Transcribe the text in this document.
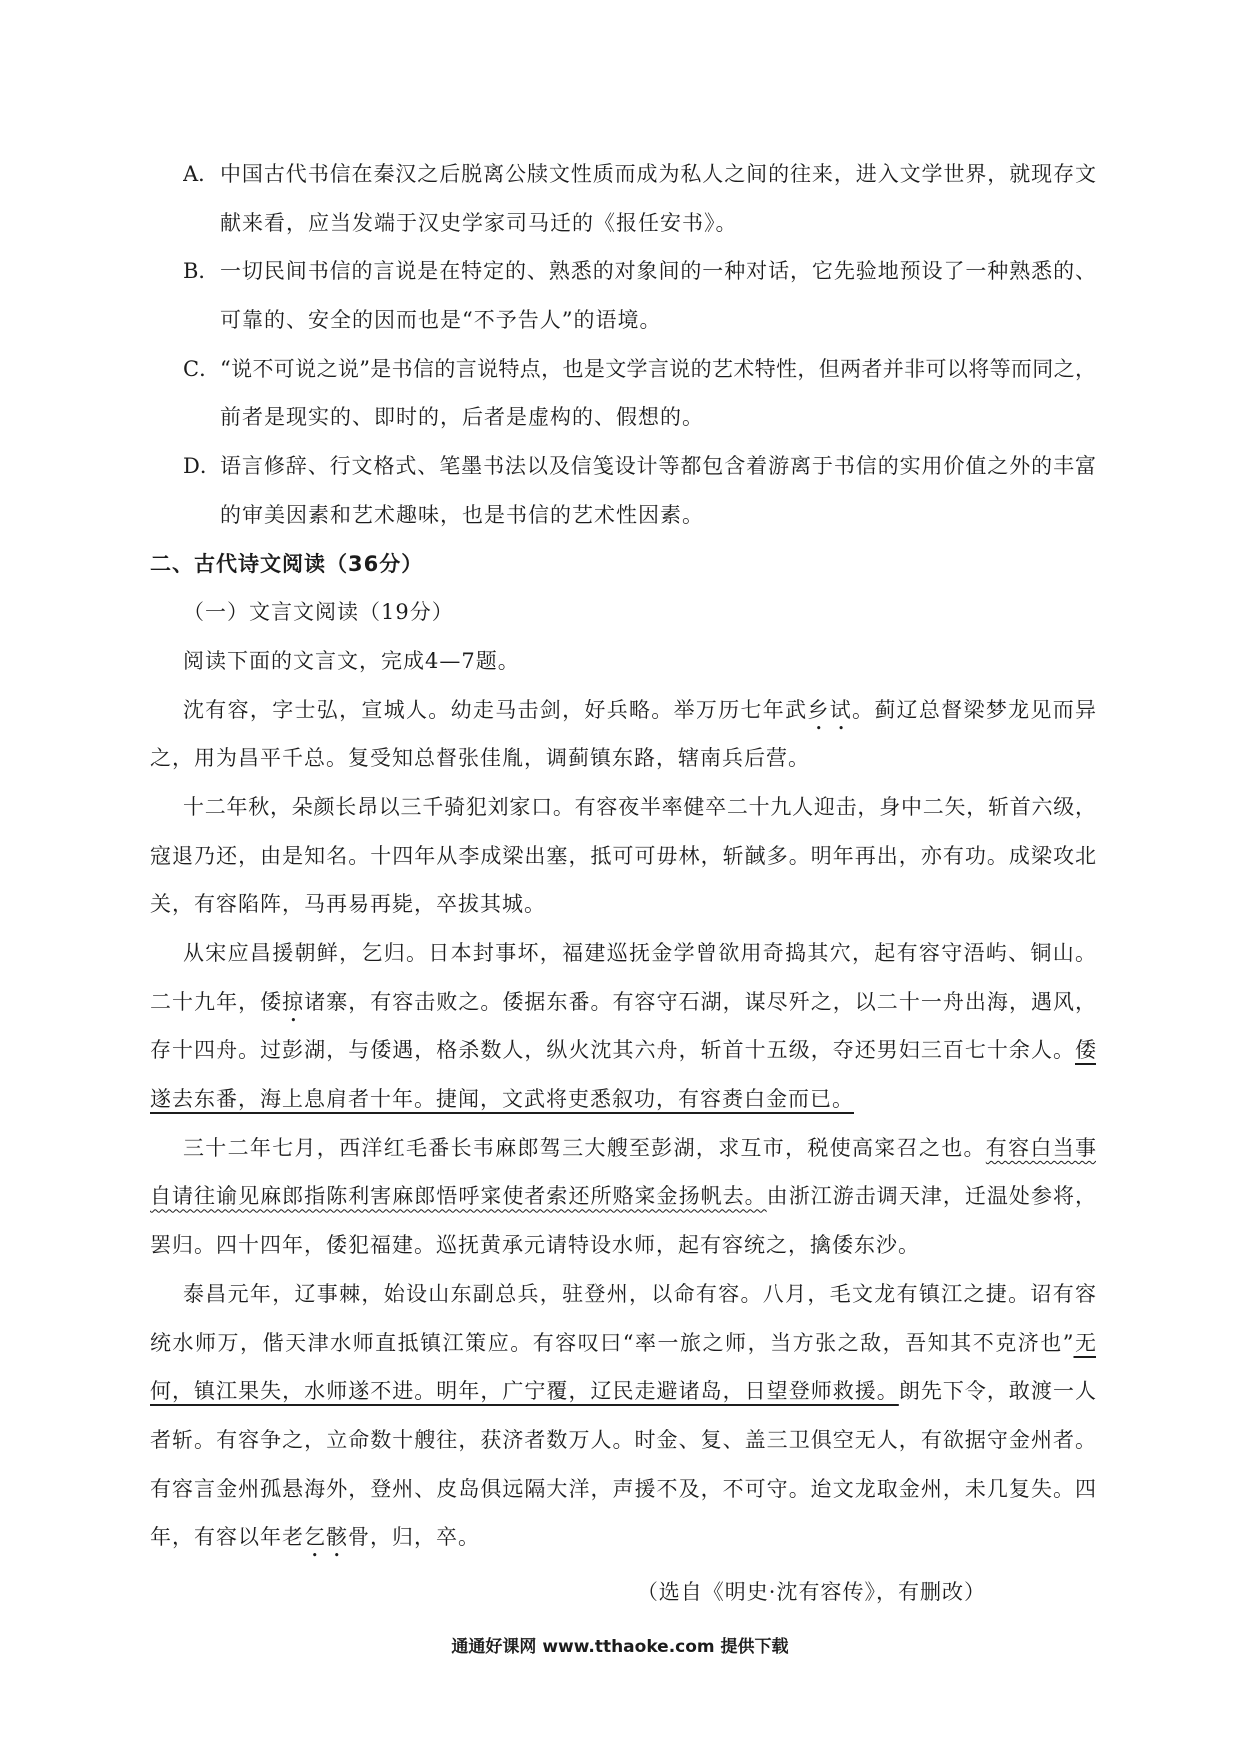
A． 中国古代书信在秦汉之后脱离公牍文性质而成为私人之间的往来，进入文学世界，就现存文
献来看，应当发端于汉史学家司马迁的《报任安书》。
B． 一切民间书信的言说是在特定的、熟悉的对象间的一种对话，它先验地预设了一种熟悉的、
可靠的、安全的因而也是“不予告人”的语境。
C． “说不可说之说”是书信的言说特点，也是文学言说的艺术特性，但两者并非可以将等而同之，
前者是现实的、即时的，后者是虚构的、假想的。
D． 语言修辞、行文格式、笔墨书法以及信笺设计等都包含着游离于书信的实用价值之外的丰富
的审美因素和艺术趣味，也是书信的艺术性因素。
二、古代诗文阅读（36分）
（一）文言文阅读（19分）
阅读下面的文言文，完成4—7题。
沈有容，字士弘，宣城人。幼走马击剑，好兵略。举万历七年武乡试。蓟辽总督梁梦龙见而异
之，用为昌平千总。复受知总督张佳胤，调蓟镇东路，辖南兵后营。
十二年秋，朵颜长昂以三千骑犯刘家口。有容夜半率健卒二十九人迎击，身中二矢，斩首六级，
寇退乃还，由是知名。十四年从李成梁出塞，抵可可毋林，斩馘多。明年再出，亦有功。成梁攻北
关，有容陷阵，马再易再毙，卒拔其城。
从宋应昌援朝鲜，乞归。日本封事坏，福建巡抚金学曾欲用奇捣其穴，起有容守浯屿、铜山。
二十九年，倭掠诸寨，有容击败之。倭据东番。有容守石湖，谋尽歼之，以二十一舟出海，遇风，
存十四舟。过彭湖，与倭遇，格杀数人，纵火沈其六舟，斩首十五级，夺还男妇三百七十余人。倭
遂去东番，海上息肩者十年。捷闻，文武将吏悉叙功，有容赉白金而已。
三十二年七月，西洋红毛番长韦麻郎驾三大艘至彭湖，求互市，税使高寀召之也。有容白当事
自请往谕见麻郎指陈利害麻郎悟呼寀使者索还所赂寀金扬帆去。由浙江游击调天津，迁温处参将，
罢归。四十四年，倭犯福建。巡抚黄承元请特设水师，起有容统之，擒倭东沙。
泰昌元年，辽事棘，始设山东副总兵，驻登州，以命有容。八月，毛文龙有镇江之捷。诏有容
统水师万，偕天津水师直抵镇江策应。有容叹曰“率一旅之师，当方张之敌，吾知其不克济也”无
何，镇江果失，水师遂不进。明年，广宁覆，辽民走避诸岛，日望登师救援。朗先下令，敢渡一人
者斩。有容争之，立命数十艘往，获济者数万人。时金、复、盖三卫俱空无人，有欲据守金州者。
有容言金州孤悬海外，登州、皮岛俱远隔大洋，声援不及，不可守。迨文龙取金州，未几复失。四
年，有容以年老乞骸骨，归，卒。
（选自《明史·沈有容传》，有删改）
通通好课网 www.tthaoke.com 提供下载
